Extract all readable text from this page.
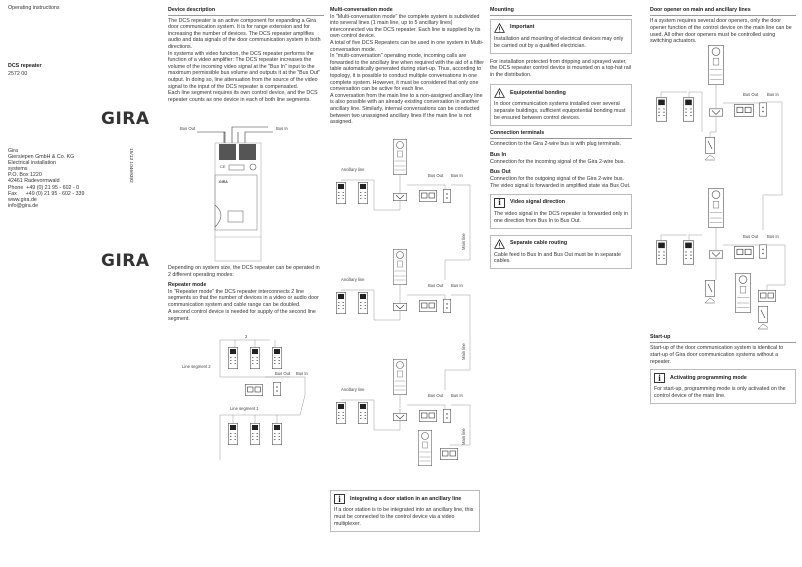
Operating instructions
DCS repeater
2572 00
GIRA
Gira
Giersiepen GmbH & Co. KG
Electrical installation
systems
P.O. Box 1220
42461 Radevormwald
Phone  +49 (0) 21 95 - 602 - 0
Fax      +49 (0) 21 95 - 602 - 339
www.gira.de
info@gira.de
15/13 10469392
GIRA
Device description

The DCS repeater is an active component for expanding a Gira door communication system. It is for range extension and for increasing the number of devices. The DCS repeater amplifies audio and data signals of the door communication system in both directions.

In systems with video function, the DCS repeater performs the function of a video amplifier: The DCS repeater increases the volume of the incoming video signal at the "Bus In" input to the maximum permissible bus volume and outputs it at the "Bus Out" output. In doing so, line attenuation from the source of the video signal to the input of the DCS repeater is compensated.

Each line segment requires its own control device, and the DCS repeater counts as one device in each of both line segments.

Bus Out	Bus In
CE
GIRA

Depending on system size, the DCS repeater can be operated in 2 different operating modes:

Repeater mode

In "Repeater mode" the DCS repeater interconnects 2 line segments so that the number of devices in a video or audio door communication system and cable range can be doubled.

A second control device is needed for supply of the second line segment.

Line segment 2
Bus Out Bus In
Line segment 1
2
Multi-conversation mode

In "Multi-conversation mode" the complete system is subdivided into several lines (1 main line, up to 5 ancillary lines) interconnected via the DCS repeater. Each line is supplied by its own control device.

A total of five DCS Repeaters can be used in one system in Multi-conversation mode.

In "multi-conversation" operating mode, incoming calls are forwarded to the ancillary line when required with the aid of a filter table automatically generated during start-up. Thus, according to topology, it is possible to conduct multiple conversations in one complete system. However, it must be considered that only one conversation can be active for each line.

A conversation from the main line to a non-assigned ancillary line is also possible with an already existing conversation in another ancillary line. Similarly, internal conversations can be conducted between two unassigned ancillary lines if the main line is not assigned.

Ancillary line
Bus Out Bus In
Main line
Ancillary line
Bus Out Bus In
Main line
Ancillary line
Bus Out Bus In
Main line
i	Integrating a door station in an ancillary line

If a door station is to be integrated into an ancillary line, this must be connected to the control device via a video multiplexer.

Mounting
Important

Installation and mounting of electrical devices may only be carried out by a qualified electrician.

For installation protected from dripping and sprayed water, the DCS repeater control device is mounted on a top-hat rail in the distribution.

Equipotential bonding

In door communication systems installed over several separate buildings, sufficient equipotential bonding must be ensured between control devices.

Connection terminals

Connection to the Gira 2-wire bus is with plug terminals.

Bus In

Connection for the incoming signal of the Gira 2-wire bus.

Bus Out

Connection for the outgoing signal of the Gira 2-wire bus. The video signal is forwarded in amplified state via Bus Out.

i	Video signal direction

The video signal in the DCS repeater is forwarded only in one direction from Bus In to Bus Out.

Separate cable routing

Cable feed to Bus In and Bus Out must be in separate cables.

Door opener on main and ancillary lines

If a system requires several door openers, only the door opener function of the control device on the main line can be used. All other door openers must be controlled using switching actuators.

Bus Out Bus In
Bus Out Bus In
Start-up

Start-up of the door communication system is identical to start-up of Gira door communication systems without a repeater.

i	Activating programming mode

For start-up, programming mode is only activated on the control device of the main line.
